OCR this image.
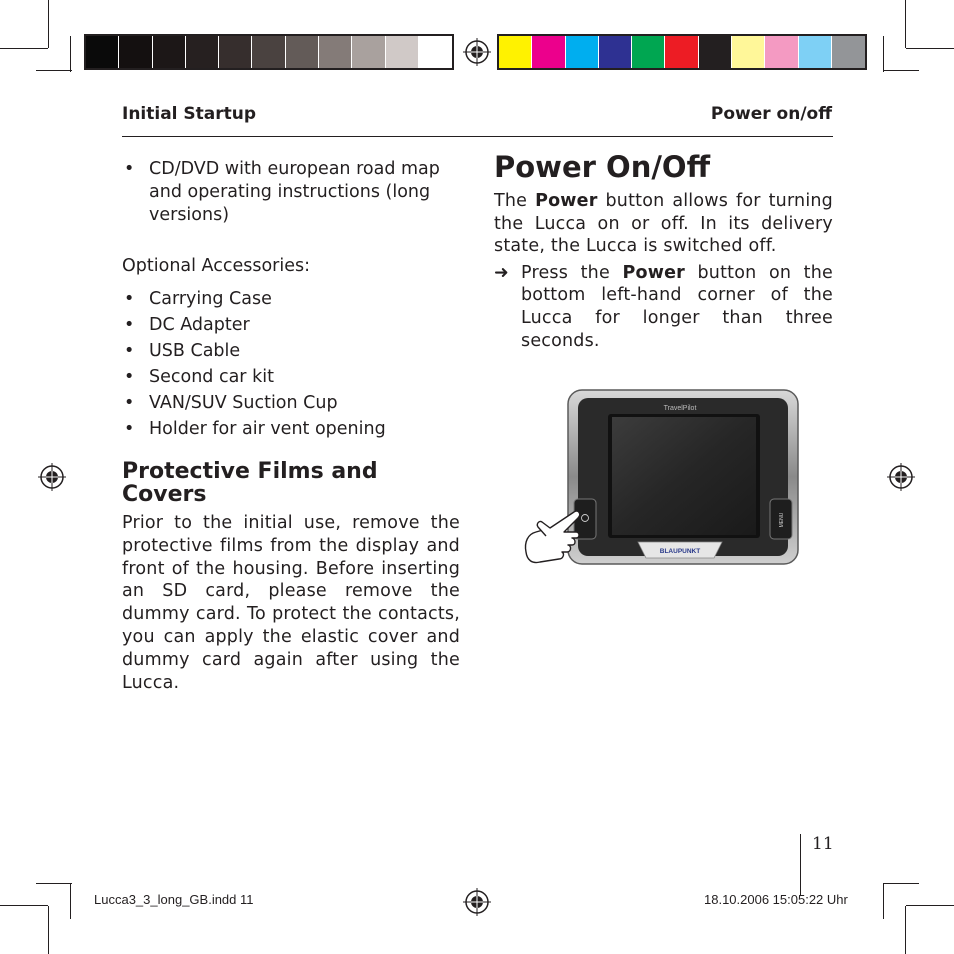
Initial Startup	Power on/off
• CD/DVD with european road map and operating instructions (long versions)
Optional Accessories:
• Carrying Case
• DC Adapter
• USB Cable
• Second car kit
• VAN/SUV Suction Cup
• Holder for air vent opening
Protective Films and Covers
Prior to the initial use, remove the protective films from the display and front of the housing. Before inserting an SD card, please remove the dummy card. To protect the contacts, you can apply the elastic cover and dummy card again after using the Lucca.
Power On/Off
The Power button allows for turning the Lucca on or off. In its delivery state, the Lucca is switched off.
➜ Press the Power button on the bottom left-hand corner of the Lucca for longer than three seconds.
TravelPilot
MENU
BLAUPUNKT
11
Lucca3_3_long_GB.indd 11	18.10.2006 15:05:22 Uhr
